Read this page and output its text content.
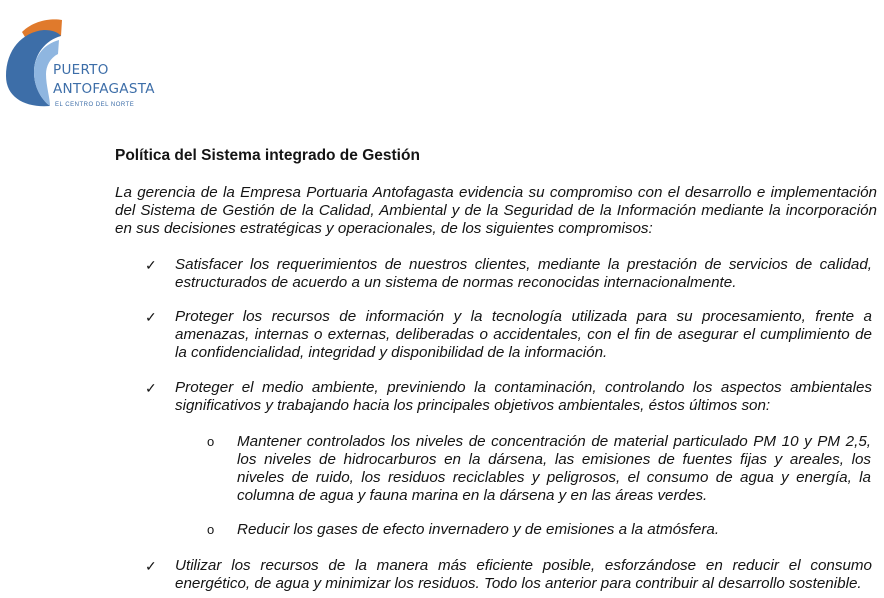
PUERTO
ANTOFAGASTA
EL CENTRO DEL NORTE
Política del Sistema integrado de Gestión

La gerencia de la Empresa Portuaria Antofagasta evidencia su compromiso con el desarrollo e implementación del Sistema de Gestión de la Calidad, Ambiental y de la Seguridad de la Información mediante la incorporación en sus decisiones estratégicas y operacionales, de los siguientes compromisos:

✓ Satisfacer los requerimientos de nuestros clientes, mediante la prestación de servicios de calidad, estructurados de acuerdo a un sistema de normas reconocidas internacionalmente.

✓ Proteger los recursos de información y la tecnología utilizada para su procesamiento, frente a amenazas, internas o externas, deliberadas o accidentales, con el fin de asegurar el cumplimiento de la confidencialidad, integridad y disponibilidad de la información.

✓ Proteger el medio ambiente, previniendo la contaminación, controlando los aspectos ambientales significativos y trabajando hacia los principales objetivos ambientales, éstos últimos son:

o Mantener controlados los niveles de concentración de material particulado PM 10 y PM 2,5, los niveles de hidrocarburos en la dársena, las emisiones de fuentes fijas y areales, los niveles de ruido, los residuos reciclables y peligrosos, el consumo de agua y energía, la columna de agua y fauna marina en la dársena y en las áreas verdes.

o Reducir los gases de efecto invernadero y de emisiones a la atmósfera.

✓ Utilizar los recursos de la manera más eficiente posible, esforzándose en reducir el consumo energético, de agua y minimizar los residuos. Todo los anterior para contribuir al desarrollo sostenible.
